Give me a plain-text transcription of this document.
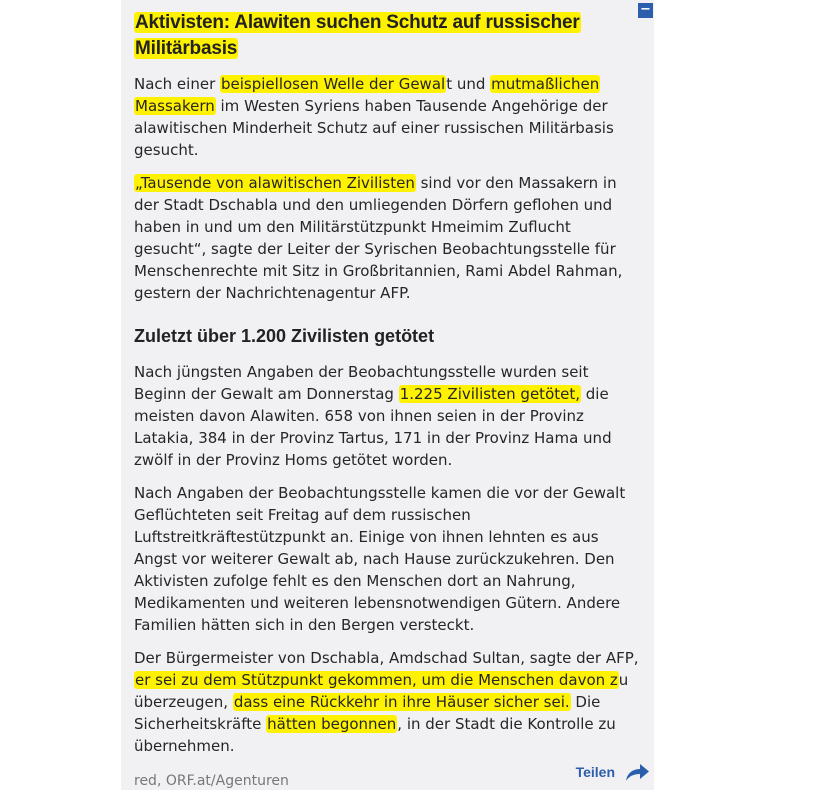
Aktivisten: Alawiten suchen Schutz auf russischer Militärbasis

Nach einer beispiellosen Welle der Gewalt und mutmaßlichen Massakern im Westen Syriens haben Tausende Angehörige der alawitischen Minderheit Schutz auf einer russischen Militärbasis gesucht.

„Tausende von alawitischen Zivilisten sind vor den Massakern in der Stadt Dschabla und den umliegenden Dörfern geflohen und haben in und um den Militärstützpunkt Hmeimim Zuflucht gesucht“, sagte der Leiter der Syrischen Beobachtungsstelle für Menschenrechte mit Sitz in Großbritannien, Rami Abdel Rahman, gestern der Nachrichtenagentur AFP.

Zuletzt über 1.200 Zivilisten getötet

Nach jüngsten Angaben der Beobachtungsstelle wurden seit Beginn der Gewalt am Donnerstag 1.225 Zivilisten getötet, die meisten davon Alawiten. 658 von ihnen seien in der Provinz Latakia, 384 in der Provinz Tartus, 171 in der Provinz Hama und zwölf in der Provinz Homs getötet worden.

Nach Angaben der Beobachtungsstelle kamen die vor der Gewalt Geflüchteten seit Freitag auf dem russischen Luftstreitkräftestützpunkt an. Einige von ihnen lehnten es aus Angst vor weiterer Gewalt ab, nach Hause zurückzukehren. Den Aktivisten zufolge fehlt es den Menschen dort an Nahrung, Medikamenten und weiteren lebensnotwendigen Gütern. Andere Familien hätten sich in den Bergen versteckt.

Der Bürgermeister von Dschabla, Amdschad Sultan, sagte der AFP, er sei zu dem Stützpunkt gekommen, um die Menschen davon zu überzeugen, dass eine Rückkehr in ihre Häuser sicher sei. Die Sicherheitskräfte hätten begonnen, in der Stadt die Kontrolle zu übernehmen.

red, ORF.at/Agenturen

Teilen
−
